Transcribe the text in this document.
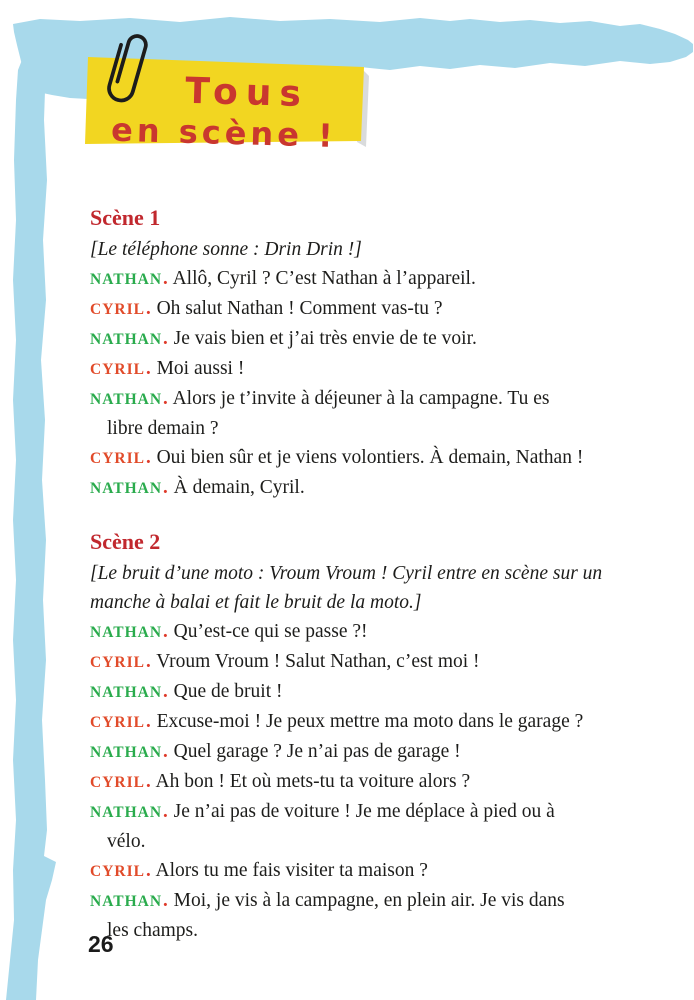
Tous
en scène !
Scène 1

[Le téléphone sonne : Drin Drin !]

NATHAN. Allô, Cyril ? C’est Nathan à l’appareil.

CYRIL. Oh salut Nathan ! Comment vas-tu ?

NATHAN. Je vais bien et j’ai très envie de te voir.

CYRIL. Moi aussi !

NATHAN. Alors je t’invite à déjeuner à la campagne. Tu es
libre demain ?

CYRIL. Oui bien sûr et je viens volontiers. À demain, Nathan !

NATHAN. À demain, Cyril.

Scène 2

[Le bruit d’une moto : Vroum Vroum ! Cyril entre en scène sur un
manche à balai et fait le bruit de la moto.]

NATHAN. Qu’est-ce qui se passe ?!

CYRIL. Vroum Vroum ! Salut Nathan, c’est moi !

NATHAN. Que de bruit !

CYRIL. Excuse-moi ! Je peux mettre ma moto dans le garage ?

NATHAN. Quel garage ? Je n’ai pas de garage !

CYRIL. Ah bon ! Et où mets-tu ta voiture alors ?

NATHAN. Je n’ai pas de voiture ! Je me déplace à pied ou à
vélo.

CYRIL. Alors tu me fais visiter ta maison ?

NATHAN. Moi, je vis à la campagne, en plein air. Je vis dans
les champs.

26
